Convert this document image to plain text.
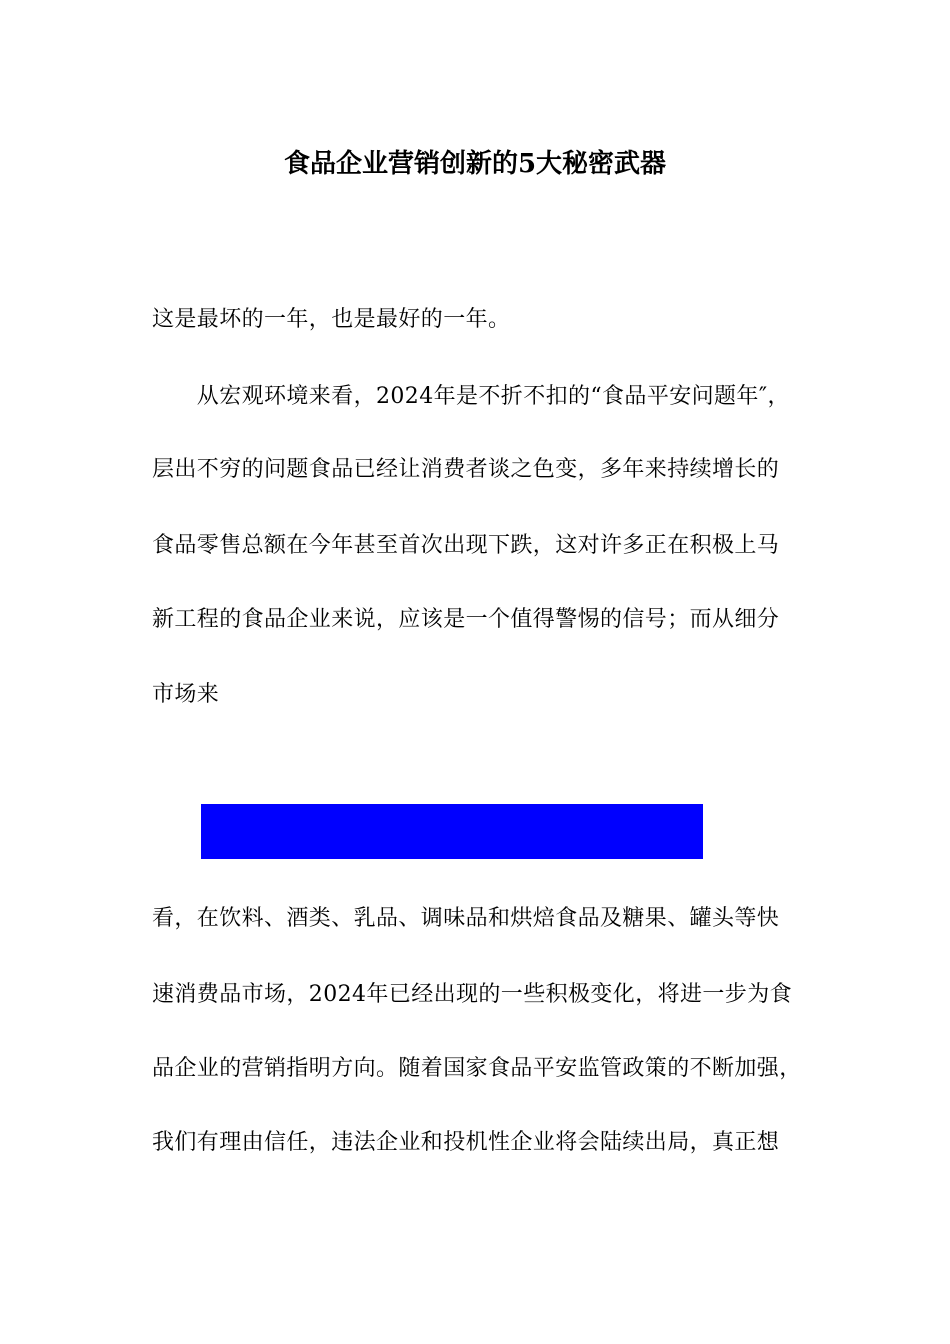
食品企业营销创新的5大秘密武器
这是最坏的一年，也是最好的一年。
　　从宏观环境来看，2024年是不折不扣的“食品平安问题年″，
层出不穷的问题食品已经让消费者谈之色变，多年来持续增长的
食品零售总额在今年甚至首次出现下跌，这对许多正在积极上马
新工程的食品企业来说，应该是一个值得警惕的信号；而从细分
市场来
看，在饮料、酒类、乳品、调味品和烘焙食品及糖果、罐头等快
速消费品市场，2024年已经出现的一些积极变化，将进一步为食
品企业的营销指明方向。随着国家食品平安监管政策的不断加强，
我们有理由信任，违法企业和投机性企业将会陆续出局，真正想
